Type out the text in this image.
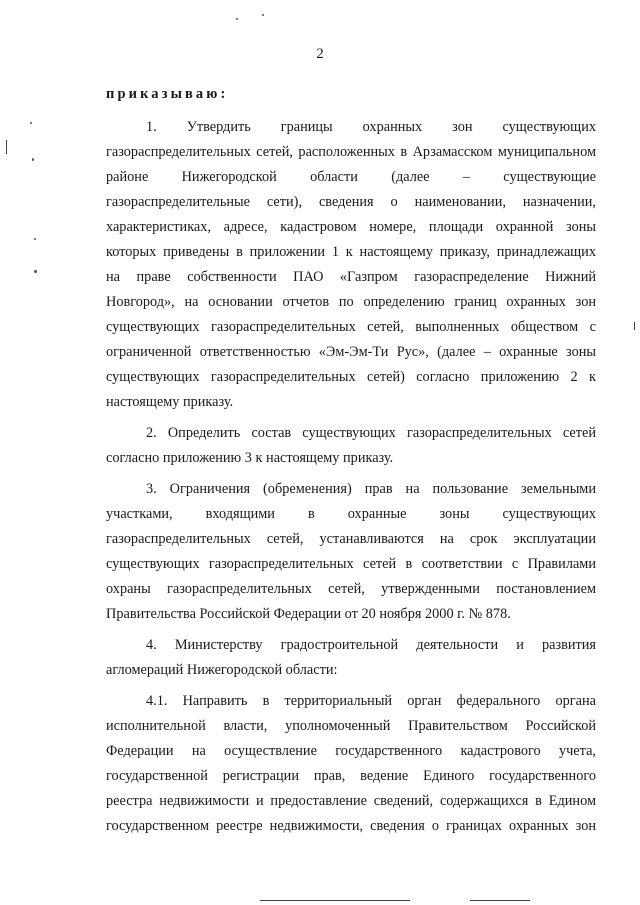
2
приказываю:
1. Утвердить границы охранных зон существующих
газораспределительных сетей, расположенных в Арзамасском муниципальном
районе Нижегородской области (далее – существующие
газораспределительные сети), сведения о наименовании, назначении,
характеристиках, адресе, кадастровом номере, площади охранной зоны
которых приведены в приложении 1 к настоящему приказу, принадлежащих
на праве собственности ПАО «Газпром газораспределение Нижний
Новгород», на основании отчетов по определению границ охранных зон
существующих газораспределительных сетей, выполненных обществом с
ограниченной ответственностью «Эм-Эм-Ти Рус», (далее – охранные зоны
существующих газораспределительных сетей) согласно приложению 2 к
настоящему приказу.
2. Определить состав существующих газораспределительных сетей
согласно приложению 3 к настоящему приказу.
3. Ограничения (обременения) прав на пользование земельными
участками, входящими в охранные зоны существующих
газораспределительных сетей, устанавливаются на срок эксплуатации
существующих газораспределительных сетей в соответствии с Правилами
охраны газораспределительных сетей, утвержденными постановлением
Правительства Российской Федерации от 20 ноября 2000 г. № 878.
4. Министерству градостроительной деятельности и развития
агломераций Нижегородской области:
4.1. Направить в территориальный орган федерального органа
исполнительной власти, уполномоченный Правительством Российской
Федерации на осуществление государственного кадастрового учета,
государственной регистрации прав, ведение Единого государственного
реестра недвижимости и предоставление сведений, содержащихся в Едином
государственном реестре недвижимости, сведения о границах охранных зон
